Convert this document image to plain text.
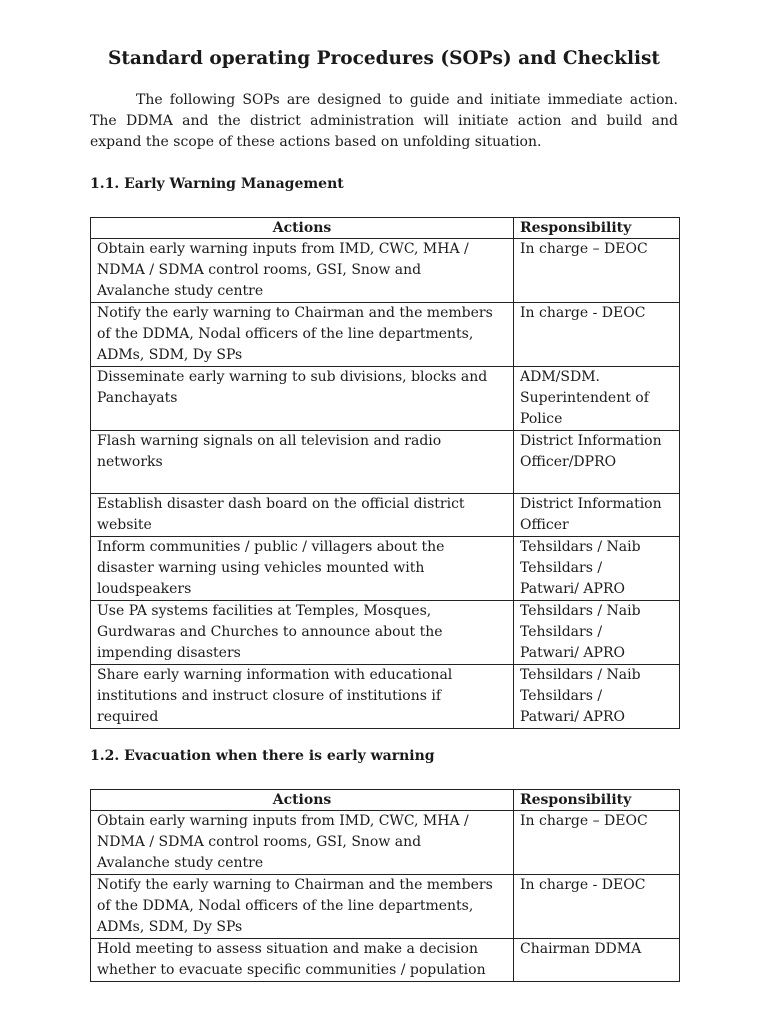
Standard operating Procedures (SOPs) and Checklist

The following SOPs are designed to guide and initiate immediate action. The DDMA and the district administration will initiate action and build and expand the scope of these actions based on unfolding situation.

1.1. Early Warning Management
Actions	Responsibility
Obtain early warning inputs from IMD, CWC, MHA /
NDMA / SDMA control rooms, GSI, Snow and
Avalanche study centre	In charge – DEOC
Notify the early warning to Chairman and the members
of the DDMA, Nodal officers of the line departments,
ADMs, SDM, Dy SPs	In charge - DEOC
Disseminate early warning to sub divisions, blocks and
Panchayats	ADM/SDM.
Superintendent of
Police
Flash warning signals on all television and radio
networks	District Information
Officer/DPRO
Establish disaster dash board on the official district
website	District Information
Officer
Inform communities / public / villagers about the
disaster warning using vehicles mounted with
loudspeakers	Tehsildars / Naib
Tehsildars /
Patwari/ APRO
Use PA systems facilities at Temples, Mosques,
Gurdwaras and Churches to announce about the
impending disasters	Tehsildars / Naib
Tehsildars /
Patwari/ APRO
Share early warning information with educational
institutions and instruct closure of institutions if
required	Tehsildars / Naib
Tehsildars /
Patwari/ APRO
1.2. Evacuation when there is early warning
Actions	Responsibility
Obtain early warning inputs from IMD, CWC, MHA /
NDMA / SDMA control rooms, GSI, Snow and
Avalanche study centre	In charge – DEOC
Notify the early warning to Chairman and the members
of the DDMA, Nodal officers of the line departments,
ADMs, SDM, Dy SPs	In charge - DEOC
Hold meeting to assess situation and make a decision
whether to evacuate specific communities / population	Chairman DDMA
